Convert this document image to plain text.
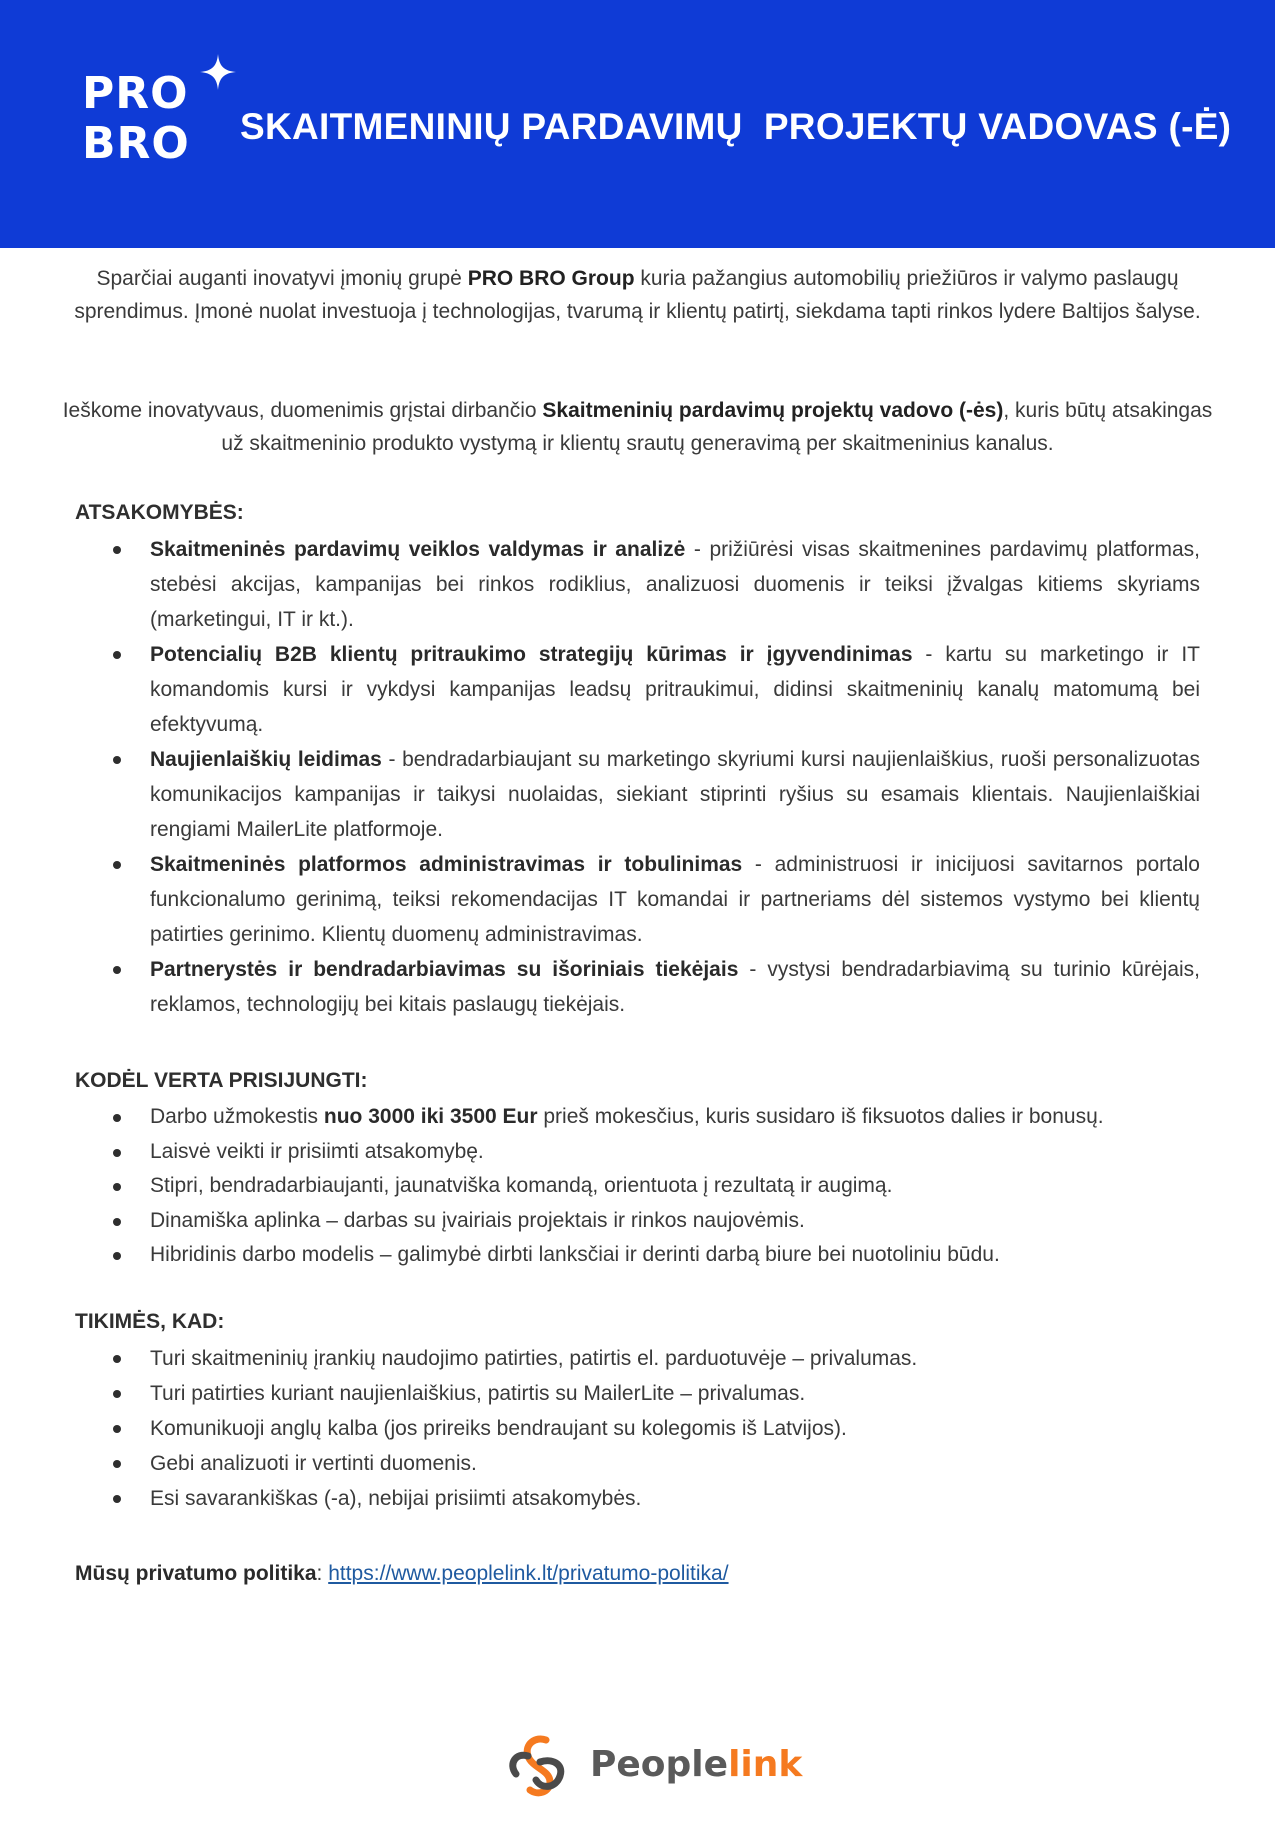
PRO
BRO	SKAITMENINIŲ PARDAVIMŲ  PROJEKTŲ VADOVAS (-Ė)

Sparčiai auganti inovatyvi įmonių grupė PRO BRO Group kuria pažangius automobilių priežiūros ir valymo paslaugų sprendimus. Įmonė nuolat investuoja į technologijas, tvarumą ir klientų patirtį, siekdama tapti rinkos lydere Baltijos šalyse.

Ieškome inovatyvaus, duomenimis grįstai dirbančio Skaitmeninių pardavimų projektų vadovo (-ės), kuris būtų atsakingas už skaitmeninio produkto vystymą ir klientų srautų generavimą per skaitmeninius kanalus.

ATSAKOMYBĖS:
Skaitmeninės pardavimų veiklos valdymas ir analizė - prižiūrėsi visas skaitmenines pardavimų platformas, stebėsi akcijas, kampanijas bei rinkos rodiklius, analizuosi duomenis ir teiksi įžvalgas kitiems skyriams (marketingui, IT ir kt.).
Potencialių B2B klientų pritraukimo strategijų kūrimas ir įgyvendinimas - kartu su marketingo ir IT komandomis kursi ir vykdysi kampanijas leadsų pritraukimui, didinsi skaitmeninių kanalų matomumą bei efektyvumą.
Naujienlaiškių leidimas - bendradarbiaujant su marketingo skyriumi kursi naujienlaiškius, ruoši personalizuotas komunikacijos kampanijas ir taikysi nuolaidas, siekiant stiprinti ryšius su esamais klientais. Naujienlaiškiai rengiami MailerLite platformoje.
Skaitmeninės platformos administravimas ir tobulinimas - administruosi ir inicijuosi savitarnos portalo funkcionalumo gerinimą, teiksi rekomendacijas IT komandai ir partneriams dėl sistemos vystymo bei klientų patirties gerinimo. Klientų duomenų administravimas.
Partnerystės ir bendradarbiavimas su išoriniais tiekėjais - vystysi bendradarbiavimą su turinio kūrėjais, reklamos, technologijų bei kitais paslaugų tiekėjais.
KODĖL VERTA PRISIJUNGTI:
Darbo užmokestis nuo 3000 iki 3500 Eur prieš mokesčius, kuris susidaro iš fiksuotos dalies ir bonusų.
Laisvė veikti ir prisiimti atsakomybę.
Stipri, bendradarbiaujanti, jaunatviška komandą, orientuota į rezultatą ir augimą.
Dinamiška aplinka – darbas su įvairiais projektais ir rinkos naujovėmis.
Hibridinis darbo modelis – galimybė dirbti lanksčiai ir derinti darbą biure bei nuotoliniu būdu.
TIKIMĖS, KAD:
Turi skaitmeninių įrankių naudojimo patirties, patirtis el. parduotuvėje – privalumas.
Turi patirties kuriant naujienlaiškius, patirtis su MailerLite – privalumas.
Komunikuoji anglų kalba (jos prireiks bendraujant su kolegomis iš Latvijos).
Gebi analizuoti ir vertinti duomenis.
Esi savarankiškas (-a), nebijai prisiimti atsakomybės.

Mūsų privatumo politika: https://www.peoplelink.lt/privatumo-politika/

Peoplelink
